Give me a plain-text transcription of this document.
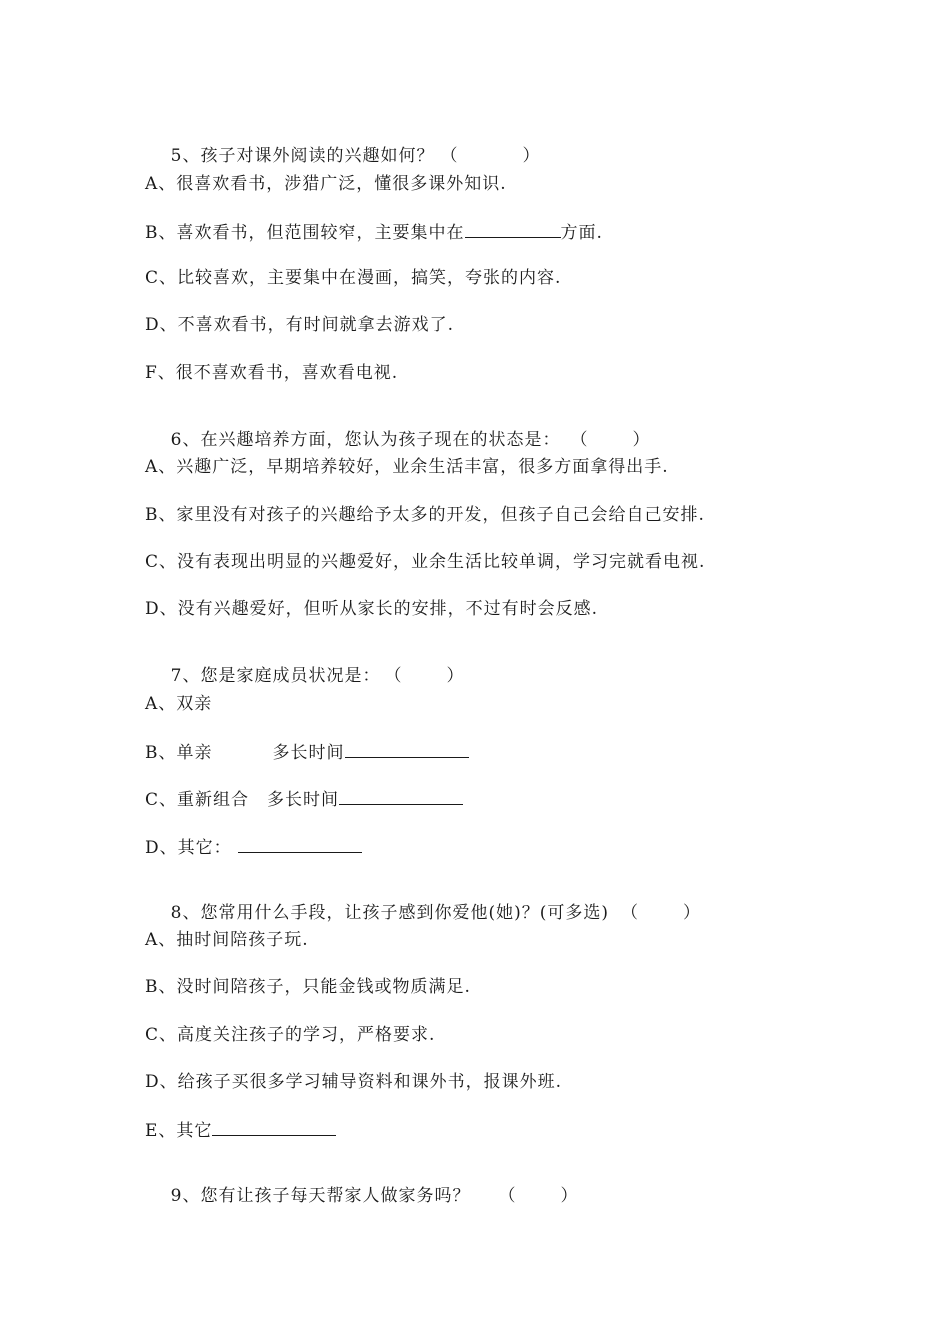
5、孩子对课外阅读的兴趣如何？ （	）

A、很喜欢看书，涉猎广泛，懂很多课外知识.
B、喜欢看书，但范围较窄，主要集中在	方面.
C、比较喜欢，主要集中在漫画，搞笑，夸张的内容.
D、不喜欢看书，有时间就拿去游戏了.
F、很不喜欢看书，喜欢看电视.

6、在兴趣培养方面，您认为孩子现在的状态是： （	）

A、兴趣广泛，早期培养较好，业余生活丰富，很多方面拿得出手.
B、家里没有对孩子的兴趣给予太多的开发，但孩子自己会给自己安排.
C、没有表现出明显的兴趣爱好，业余生活比较单调，学习完就看电视.
D、没有兴趣爱好，但听从家长的安排，不过有时会反感.

7、您是家庭成员状况是： （	）

A、双亲
B、单亲	多长时间
C、重新组合 多长时间
D、其它：

8、您常用什么手段，让孩子感到你爱他(她)？(可多选) （	）

A、抽时间陪孩子玩.
B、没时间陪孩子，只能金钱或物质满足.
C、高度关注孩子的学习，严格要求.
D、给孩子买很多学习辅导资料和课外书，报课外班.
E、其它

9、您有让孩子每天帮家人做家务吗？ （	）
